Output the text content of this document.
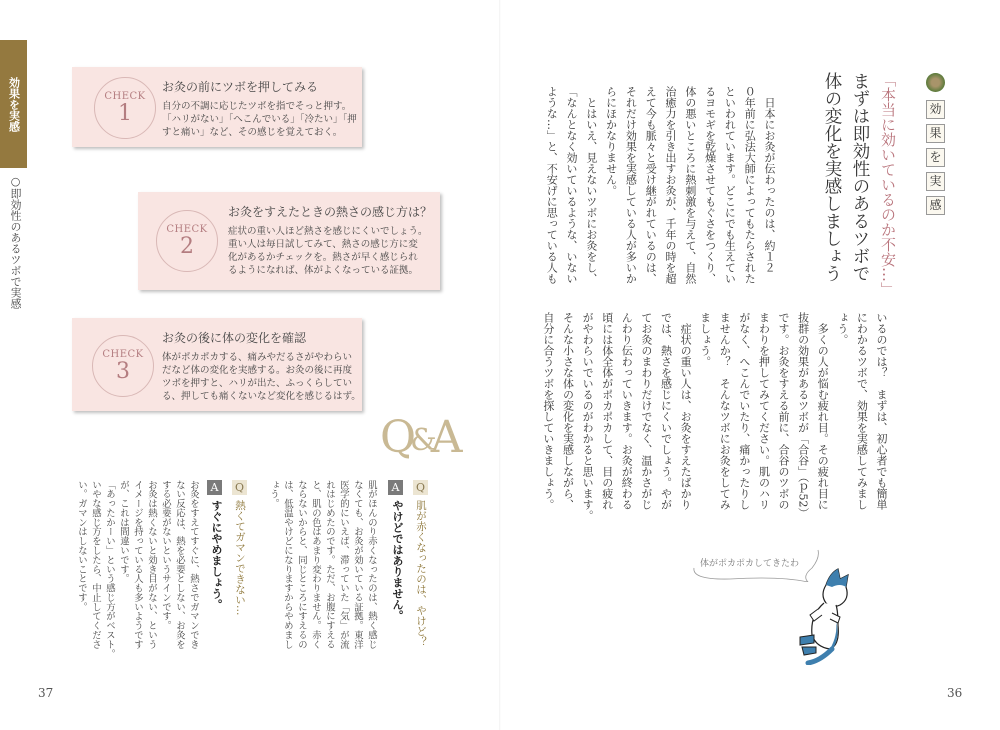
効果を実感
○即効性のあるツボで実感
CHECK
1
お灸の前にツボを押してみる
自分の不調に応じたツボを指でそっと押す。
「ハリがない」「へこんでいる」「冷たい」「押
すと痛い」など、その感じを覚えておく。
CHECK
2
お灸をすえたときの熱さの感じ方は？
症状の重い人ほど熱さを感じにくいでしょう。
重い人は毎日試してみて、熱さの感じ方に変
化があるかチェックを。熱さが早く感じられ
るようになれば、体がよくなっている証拠。
CHECK
3
お灸の後に体の変化を確認
体がポカポカする、痛みやだるさがやわらい
だなど体の変化を実感する。お灸の後に再度
ツボを押すと、ハリが出た、ふっくらしてい
る、押しても痛くないなど変化を感じるはず。
Q&A
Q
肌が赤くなったのは、やけど？
A
やけどではありません。
肌がほんのり赤くなったのは、熱く感じ
なくても、お灸が効いている証拠。東洋
医学的にいえば、滞っていた「気」が流
れはじめたのです。ただ、お腹にすえる
と、肌の色はあまり変わりません。赤く
ならないからと、同じところにすえるの
は、低温やけどになりますからやめまし
ょう。
Q
熱くてガマンできない…
A
すぐにやめましょう。
お灸をすえてすぐに、熱さでガマンでき
ない反応は、熱を必要としない、お灸を
する必要がないというサインです。
お灸は熱くないと効き目がない、という
イメージを持っている人も多いようです
が、これは間違いです。
「あったかーい」という感じ方がベスト。
いやな感じ方をしたら、中止してくださ
い。ガマンはしないことです。
37
効
果
を
実
感
「本当に効いているのか不安…」
まずは即効性のあるツボで
体の変化を実感しましょう
　日本にお灸が伝わったのは、約１２
０年前に弘法大師によってもたらされた
といわれています。どこにでも生えてい
るヨモギを乾燥させてもぐさをつくり、
体の悪いところに熱刺激を与えて、自然
治癒力を引き出すお灸が、千年の時を超
えて今も脈々と受け継がれているのは、
それだけ効果を実感している人が多いか
らにほかなりません。
　とはいえ、見えないツボにお灸をし、
「なんとなく効いているような、いない
ような…」と、不安げに思っている人も
いるのでは？　まずは、初心者でも簡単
にわかるツボで、効果を実感してみまし
ょう。
　多くの人が悩む疲れ目。その疲れ目に
抜群の効果があるツボが「合谷」（ｐ52）
です。お灸をすえる前に、合谷のツボの
まわりを押してみてください。肌のハリ
がなく、へこんでいたり、痛かったりし
ませんか？　そんなツボにお灸をしてみ
ましょう。
　症状の重い人は、お灸をすえたばかり
では、熱さを感じにくいでしょう。やが
てお灸のまわりだけでなく、温かさがじ
んわり伝わっていきます。お灸が終わる
頃には体全体がポカポカして、目の疲れ
がやわらいでいるのがわかると思います。
そんな小さな体の変化を実感しながら、
自分に合うツボを探していきましょう。
体がポカポカしてきたわ
36
